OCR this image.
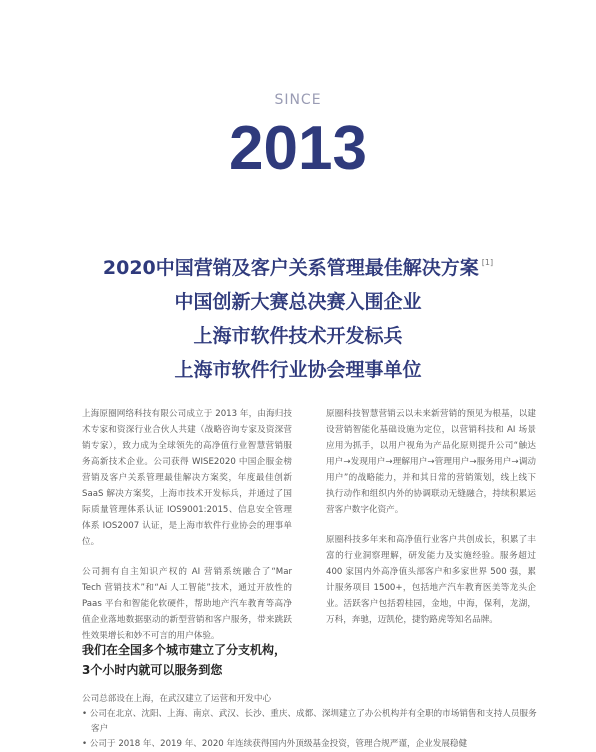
SINCE
2013
2020中国营销及客户关系管理最佳解决方案 [1]
中国创新大赛总决赛入围企业
上海市软件技术开发标兵
上海市软件行业协会理事单位

上海原圈网络科技有限公司成立于 2013 年，由海归技术专家和资深行业合伙人共建（战略咨询专家及资深营销专家），致力成为全球领先的高净值行业智慧营销服务高新技术企业。公司获得 WISE2020 中国企服金榜营销及客户关系管理最佳解决方案奖，年度最佳创新 SaaS 解决方案奖，上海市技术开发标兵，并通过了国际质量管理体系认证 IOS9001:2015、信息安全管理体系 IOS2007 认证，是上海市软件行业协会的理事单位。

公司拥有自主知识产权的 AI 营销系统融合了“Mar Tech 营销技术”和“Ai 人工智能”技术，通过开放性的 Paas 平台和智能化软硬件，帮助地产汽车教育等高净值企业落地数据驱动的新型营销和客户服务，带来跳跃性效果增长和妙不可言的用户体验。

原圈科技智慧营销云以未来新营销的预见为根基，以建设营销智能化基础设施为定位，以营销科技和 AI 场景应用为抓手，以用户视角为产品化原则提升公司“触达用户→发现用户→理解用户→管理用户→服务用户→调动用户”的战略能力，并和其日常的营销策划，线上线下执行动作和组织内外的协调联动无缝融合，持续积累运营客户数字化资产。

原圈科技多年来和高净值行业客户共创成长，积累了丰富的行业洞察理解，研发能力及实施经验。服务超过 400 家国内外高净值头部客户和多家世界 500 强，累计服务项目 1500+，包括地产汽车教育医美等龙头企业。活跃客户包括碧桂园，金地，中海，保利，龙湖，万科，奔驰，迈凯伦，捷豹路虎等知名品牌。

我们在全国多个城市建立了分支机构，
3个小时内就可以服务到您
公司总部设在上海，在武汉建立了运营和开发中心
• 公司在北京、沈阳、上海、南京、武汉、长沙、重庆、成都、深圳建立了办公机构并有全职的市场销售和支持人员服务客户
• 公司于 2018 年、2019 年、2020 年连续获得国内外顶级基金投资，管理合规严谨，企业发展稳健
